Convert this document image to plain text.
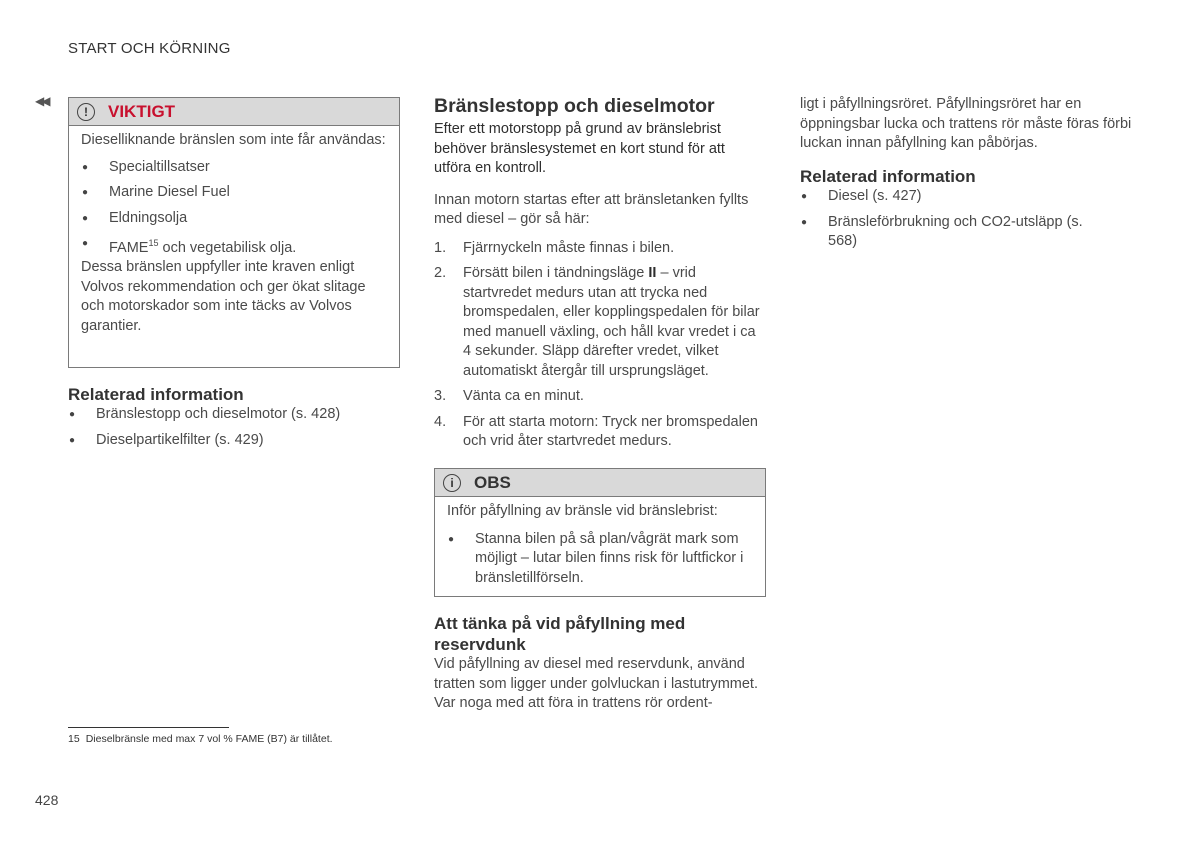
START OCH KÖRNING
◀◀
!	VIKTIGT
Dieselliknande bränslen som inte får användas:
● Specialtillsatser
● Marine Diesel Fuel
● Eldningsolja
● FAME$^{15}$ och vegetabilisk olja.
Dessa bränslen uppfyller inte kraven enligt Volvos rekommendation och ger ökat slitage och motorskador som inte täcks av Volvos garantier.
Relaterad information
● Bränslestopp och dieselmotor (s. 428)
● Dieselpartikelfilter (s. 429)
Bränslestopp och dieselmotor
Efter ett motorstopp på grund av bränslebrist behöver bränslesystemet en kort stund för att utföra en kontroll.
Innan motorn startas efter att bränsletanken fyllts med diesel – gör så här:
1. Fjärrnyckeln måste finnas i bilen.
2. Försätt bilen i tändningsläge II – vrid startvredet medurs utan att trycka ned bromspedalen, eller kopplingspedalen för bilar med manuell växling, och håll kvar vredet i ca 4 sekunder. Släpp därefter vredet, vilket automatiskt återgår till ursprungsläget.
3. Vänta ca en minut.
4. För att starta motorn: Tryck ner bromspedalen och vrid åter startvredet medurs.
i	OBS
Inför påfyllning av bränsle vid bränslebrist:
● Stanna bilen på så plan/vågrät mark som möjligt – lutar bilen finns risk för luftfickor i bränsletillförseln.
Att tänka på vid påfyllning med reservdunk
Vid påfyllning av diesel med reservdunk, använd tratten som ligger under golvluckan i lastutrymmet. Var noga med att föra in trattens rör ordent-
ligt i påfyllningsröret. Påfyllningsröret har en öppningsbar lucka och trattens rör måste föras förbi luckan innan påfyllning kan påbörjas.
Relaterad information
● Diesel (s. 427)
● Bränsleförbrukning och CO2-utsläpp (s. 568)
15 Dieselbränsle med max 7 vol % FAME (B7) är tillåtet.
428
